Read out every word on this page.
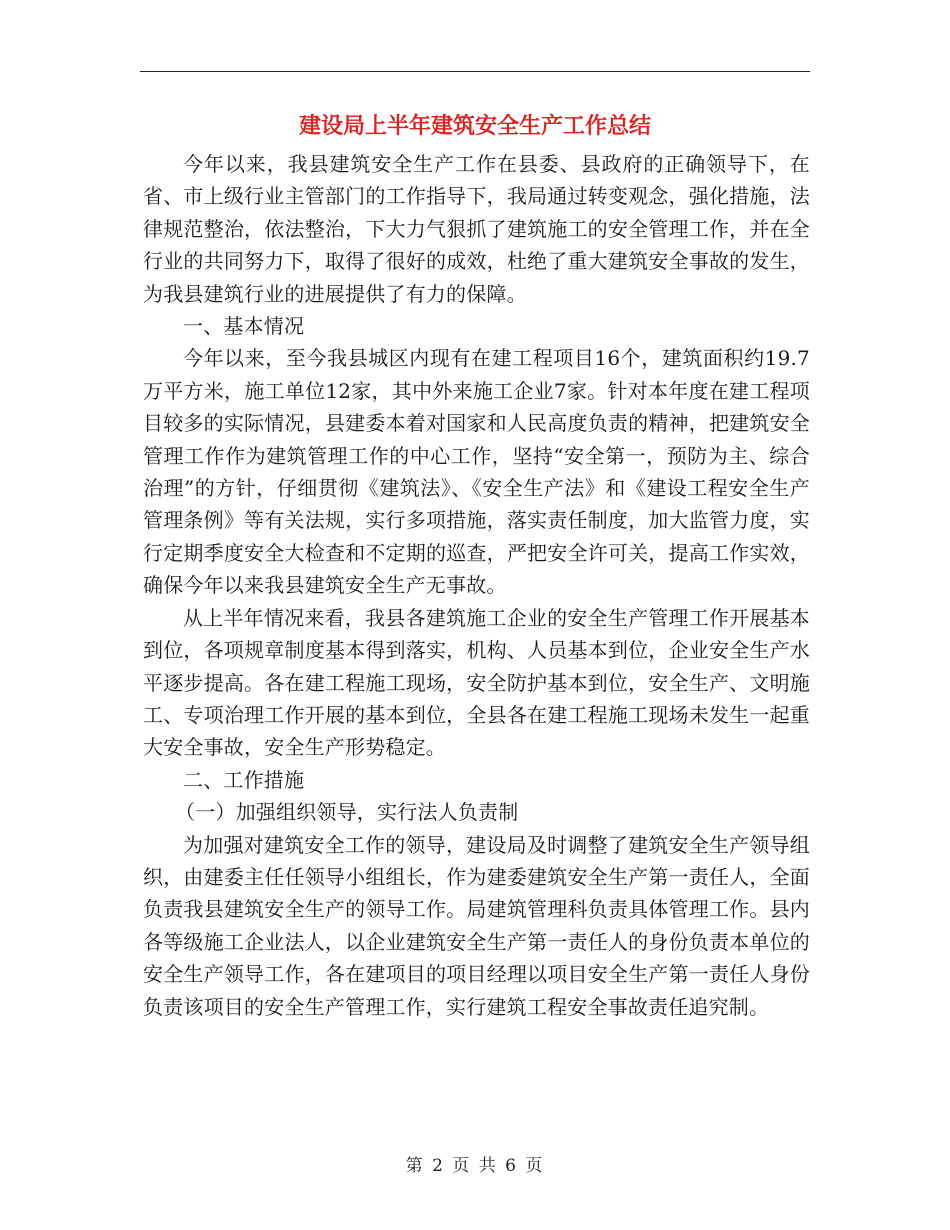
建设局上半年建筑安全生产工作总结

今年以来，我县建筑安全生产工作在县委、县政府的正确领导下，在省、市上级行业主管部门的工作指导下，我局通过转变观念，强化措施，法律规范整治，依法整治，下大力气狠抓了建筑施工的安全管理工作，并在全行业的共同努力下，取得了很好的成效，杜绝了重大建筑安全事故的发生，为我县建筑行业的进展提供了有力的保障。

一、基本情况

今年以来，至今我县城区内现有在建工程项目16个，建筑面积约19.7万平方米，施工单位12家，其中外来施工企业7家。针对本年度在建工程项目较多的实际情况，县建委本着对国家和人民高度负责的精神，把建筑安全管理工作作为建筑管理工作的中心工作，坚持“安全第一，预防为主、综合治理”的方针，仔细贯彻《建筑法》、《安全生产法》和《建设工程安全生产管理条例》等有关法规，实行多项措施，落实责任制度，加大监管力度，实行定期季度安全大检查和不定期的巡查，严把安全许可关，提高工作实效，确保今年以来我县建筑安全生产无事故。

从上半年情况来看，我县各建筑施工企业的安全生产管理工作开展基本到位，各项规章制度基本得到落实，机构、人员基本到位，企业安全生产水平逐步提高。各在建工程施工现场，安全防护基本到位，安全生产、文明施工、专项治理工作开展的基本到位，全县各在建工程施工现场未发生一起重大安全事故，安全生产形势稳定。

二、工作措施

（一）加强组织领导，实行法人负责制

为加强对建筑安全工作的领导，建设局及时调整了建筑安全生产领导组织，由建委主任任领导小组组长，作为建委建筑安全生产第一责任人，全面负责我县建筑安全生产的领导工作。局建筑管理科负责具体管理工作。县内各等级施工企业法人，以企业建筑安全生产第一责任人的身份负责本单位的安全生产领导工作，各在建项目的项目经理以项目安全生产第一责任人身份负责该项目的安全生产管理工作，实行建筑工程安全事故责任追究制。

第 2 页 共 6 页
